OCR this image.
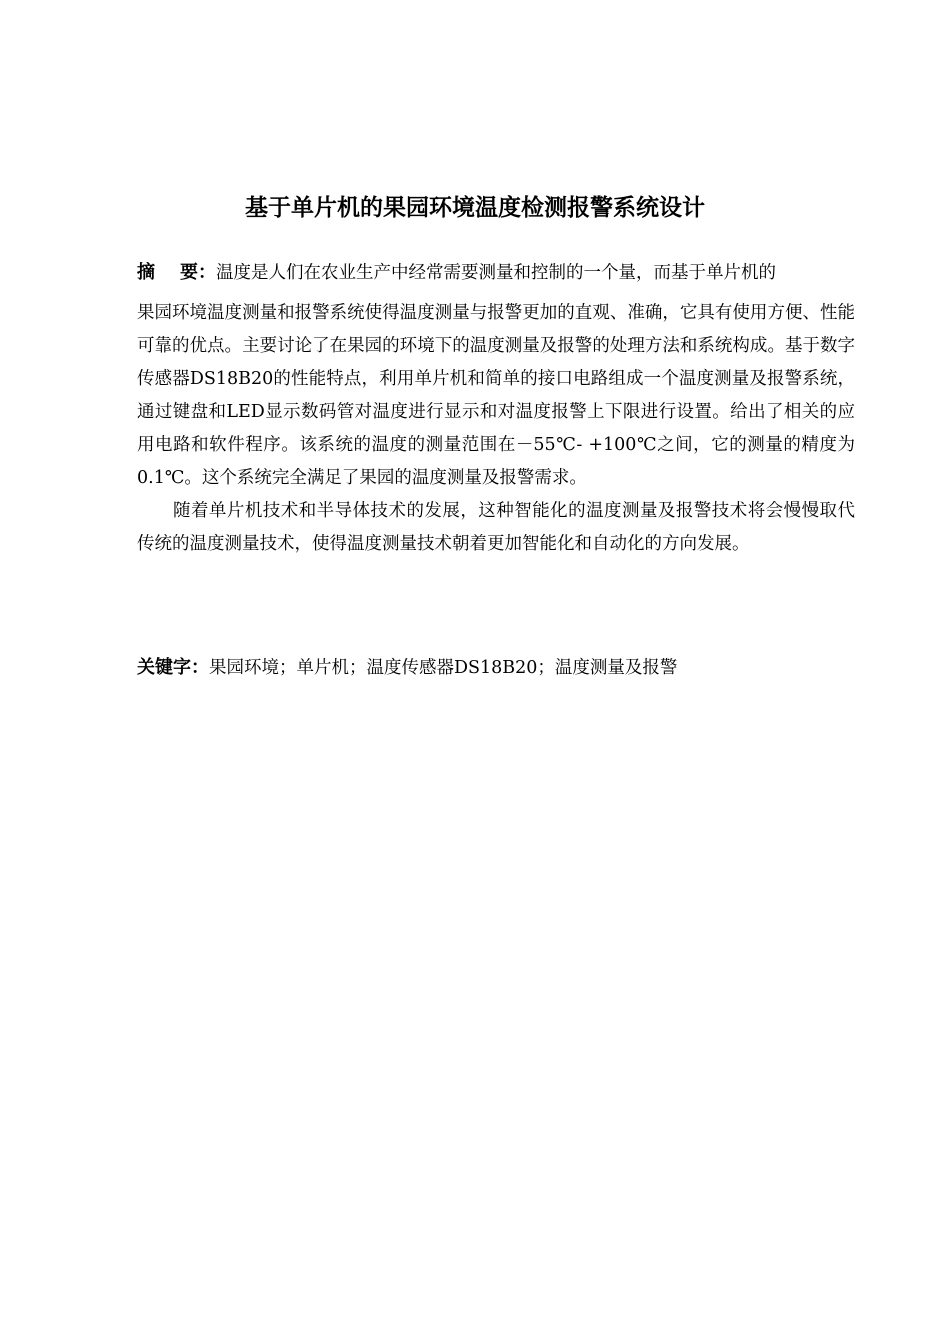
基于单片机的果园环境温度检测报警系统设计

摘 要：温度是人们在农业生产中经常需要测量和控制的一个量，而基于单片机的

果园环境温度测量和报警系统使得温度测量与报警更加的直观、准确，它具有使用方便、性能可靠的优点。主要讨论了在果园的环境下的温度测量及报警的处理方法和系统构成。基于数字传感器DS18B20的性能特点，利用单片机和简单的接口电路组成一个温度测量及报警系统，通过键盘和LED显示数码管对温度进行显示和对温度报警上下限进行设置。给出了相关的应用电路和软件程序。该系统的温度的测量范围在－55℃- +100℃之间，它的测量的精度为0.1℃。这个系统完全满足了果园的温度测量及报警需求。

随着单片机技术和半导体技术的发展，这种智能化的温度测量及报警技术将会慢慢取代传统的温度测量技术，使得温度测量技术朝着更加智能化和自动化的方向发展。

关键字：果园环境；单片机；温度传感器DS18B20；温度测量及报警
